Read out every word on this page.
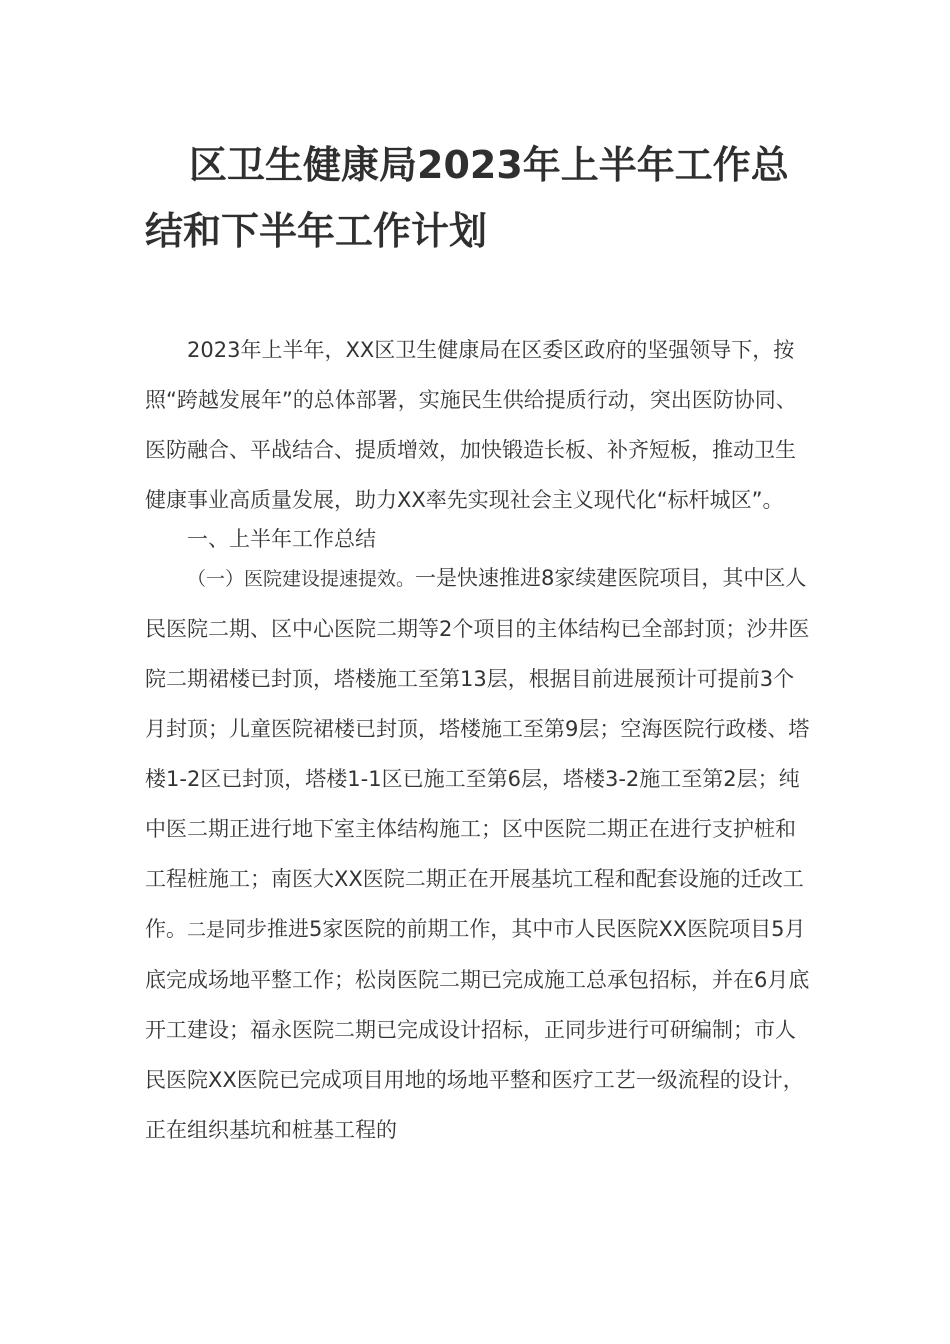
区卫生健康局2023年上半年工作总结和下半年工作计划

2023年上半年，XX区卫生健康局在区委区政府的坚强领导下，按照“跨越发展年”的总体部署，实施民生供给提质行动，突出医防协同、医防融合、平战结合、提质增效，加快锻造长板、补齐短板，推动卫生健康事业高质量发展，助力XX率先实现社会主义现代化“标杆城区”。

一、上半年工作总结

（一）医院建设提速提效。一是快速推进8家续建医院项目，其中区人民医院二期、区中心医院二期等2个项目的主体结构已全部封顶；沙井医院二期裙楼已封顶，塔楼施工至第13层，根据目前进展预计可提前3个月封顶；儿童医院裙楼已封顶，塔楼施工至第9层；空海医院行政楼、塔楼1-2区已封顶，塔楼1-1区已施工至第6层，塔楼3-2施工至第2层；纯中医二期正进行地下室主体结构施工；区中医院二期正在进行支护桩和工程桩施工；南医大XX医院二期正在开展基坑工程和配套设施的迁改工作。二是同步推进5家医院的前期工作，其中市人民医院XX医院项目5月底完成场地平整工作；松岗医院二期已完成施工总承包招标，并在6月底开工建设；福永医院二期已完成设计招标，正同步进行可研编制；市人民医院XX医院已完成项目用地的场地平整和医疗工艺一级流程的设计，正在组织基坑和桩基工程的
